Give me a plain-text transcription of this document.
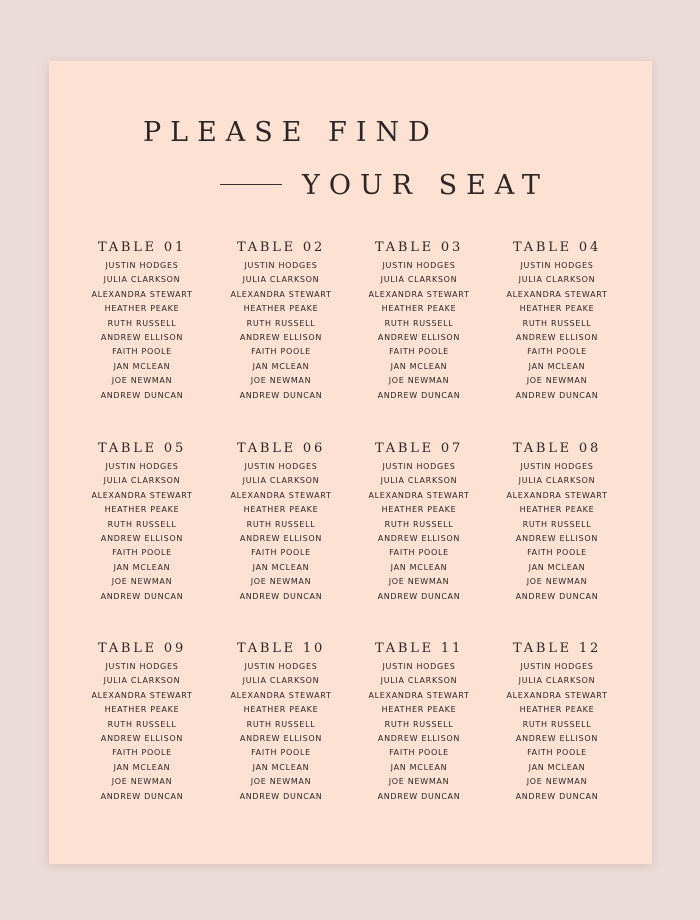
PLEASE FIND
YOUR SEAT
TABLE 01
JUSTIN HODGES
JULIA CLARKSON
ALEXANDRA STEWART
HEATHER PEAKE
RUTH RUSSELL
ANDREW ELLISON
FAITH POOLE
JAN MCLEAN
JOE NEWMAN
ANDREW DUNCAN
TABLE 02
JUSTIN HODGES
JULIA CLARKSON
ALEXANDRA STEWART
HEATHER PEAKE
RUTH RUSSELL
ANDREW ELLISON
FAITH POOLE
JAN MCLEAN
JOE NEWMAN
ANDREW DUNCAN
TABLE 03
JUSTIN HODGES
JULIA CLARKSON
ALEXANDRA STEWART
HEATHER PEAKE
RUTH RUSSELL
ANDREW ELLISON
FAITH POOLE
JAN MCLEAN
JOE NEWMAN
ANDREW DUNCAN
TABLE 04
JUSTIN HODGES
JULIA CLARKSON
ALEXANDRA STEWART
HEATHER PEAKE
RUTH RUSSELL
ANDREW ELLISON
FAITH POOLE
JAN MCLEAN
JOE NEWMAN
ANDREW DUNCAN
TABLE 05
JUSTIN HODGES
JULIA CLARKSON
ALEXANDRA STEWART
HEATHER PEAKE
RUTH RUSSELL
ANDREW ELLISON
FAITH POOLE
JAN MCLEAN
JOE NEWMAN
ANDREW DUNCAN
TABLE 06
JUSTIN HODGES
JULIA CLARKSON
ALEXANDRA STEWART
HEATHER PEAKE
RUTH RUSSELL
ANDREW ELLISON
FAITH POOLE
JAN MCLEAN
JOE NEWMAN
ANDREW DUNCAN
TABLE 07
JUSTIN HODGES
JULIA CLARKSON
ALEXANDRA STEWART
HEATHER PEAKE
RUTH RUSSELL
ANDREW ELLISON
FAITH POOLE
JAN MCLEAN
JOE NEWMAN
ANDREW DUNCAN
TABLE 08
JUSTIN HODGES
JULIA CLARKSON
ALEXANDRA STEWART
HEATHER PEAKE
RUTH RUSSELL
ANDREW ELLISON
FAITH POOLE
JAN MCLEAN
JOE NEWMAN
ANDREW DUNCAN
TABLE 09
JUSTIN HODGES
JULIA CLARKSON
ALEXANDRA STEWART
HEATHER PEAKE
RUTH RUSSELL
ANDREW ELLISON
FAITH POOLE
JAN MCLEAN
JOE NEWMAN
ANDREW DUNCAN
TABLE 10
JUSTIN HODGES
JULIA CLARKSON
ALEXANDRA STEWART
HEATHER PEAKE
RUTH RUSSELL
ANDREW ELLISON
FAITH POOLE
JAN MCLEAN
JOE NEWMAN
ANDREW DUNCAN
TABLE 11
JUSTIN HODGES
JULIA CLARKSON
ALEXANDRA STEWART
HEATHER PEAKE
RUTH RUSSELL
ANDREW ELLISON
FAITH POOLE
JAN MCLEAN
JOE NEWMAN
ANDREW DUNCAN
TABLE 12
JUSTIN HODGES
JULIA CLARKSON
ALEXANDRA STEWART
HEATHER PEAKE
RUTH RUSSELL
ANDREW ELLISON
FAITH POOLE
JAN MCLEAN
JOE NEWMAN
ANDREW DUNCAN
